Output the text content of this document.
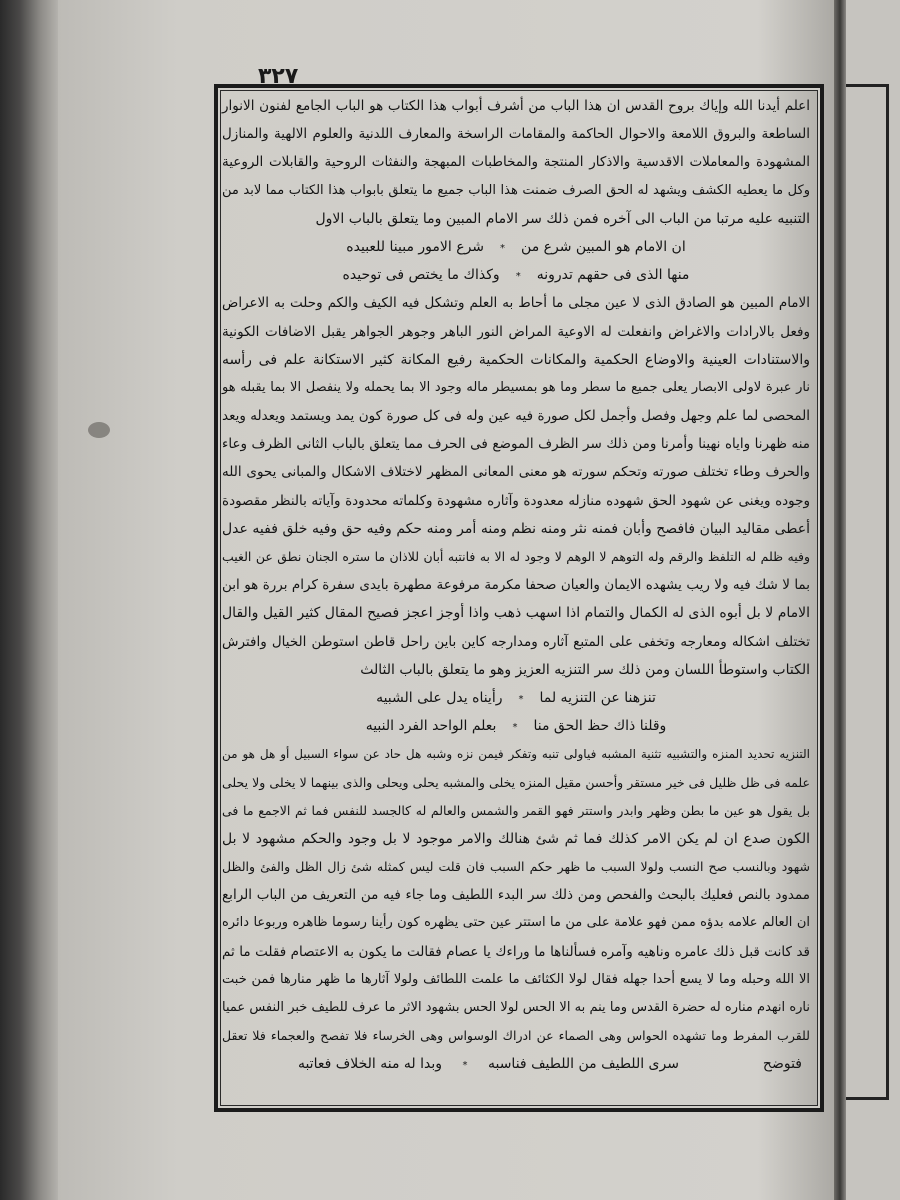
٣٢٧
اعلم أيدنا الله وإياك بروح القدس ان هذا الباب من أشرف أبواب هذا الكتاب هو الباب الجامع لفنون الانوار
الساطعة والبروق اللامعة والاحوال الحاكمة والمقامات الراسخة والمعارف اللدنية والعلوم الالهية والمنازل
المشهودة والمعاملات الاقدسية والاذكار المنتجة والمخاطبات المبهجة والنفثات الروحية والقابلات الروعية
وكل ما يعطيه الكشف ويشهد له الحق الصرف ضمنت هذا الباب جميع ما يتعلق بابواب هذا الكتاب مما لابد من
التنبيه عليه مرتبا من الباب الى آخره فمن ذلك سر الامام المبين وما يتعلق بالباب الاول
ان الامام هو المبين شرع من*شرع الامور مبينا للعبيده
منها الذى فى حقهم تدرونه*وكذاك ما يختص فى توحيده
الامام المبين هو الصادق الذى لا عين مجلى ما أحاط به العلم وتشكل فيه الكيف والكم وحلت به الاعراض
وفعل بالارادات والاغراض وانفعلت له الاوعية المراض النور الباهر وجوهر الجواهر يقبل الاضافات الكونية
والاستنادات العينية والاوضاع الحكمية والمكانات الحكمية رفيع المكانة كثير الاستكانة علم فى رأسه
نار عبرة لاولى الابصار يعلى جميع ما سطر وما هو بمسيطر ماله وجود الا بما يحمله ولا ينفصل الا بما يقبله هو
المحصى لما علم وجهل وفصل وأجمل لكل صورة فيه عين وله فى كل صورة كون يمد ويستمد ويعدله ويعد
منه ظهرنا واياه نهينا وأمرنا ومن ذلك سر الظرف الموضع فى الحرف مما يتعلق بالباب الثانى الظرف وعاء
والحرف وطاء تختلف صورته وتحكم سورته هو معنى المعانى المظهر لاختلاف الاشكال والمبانى يحوى الله
وجوده ويغنى عن شهود الحق شهوده منازله معدودة وآثاره مشهودة وكلماته محدودة وآياته بالنظر مقصودة
أعطى مقاليد البيان فافصح وأبان فمنه نثر ومنه نظم ومنه أمر ومنه حكم وفيه حق وفيه خلق ففيه عدل
وفيه ظلم له التلفظ والرقم وله التوهم لا الوهم لا وجود له الا به فانتبه أبان للاذان ما ستره الجنان نطق عن الغيب
بما لا شك فيه ولا ريب يشهده الايمان والعيان صحفا مكرمة مرفوعة مطهرة بايدى سفرة كرام بررة هو ابن
الامام لا بل أبوه الذى له الكمال والتمام اذا اسهب ذهب واذا أوجز اعجز فصيح المقال كثير القيل والقال
تختلف اشكاله ومعارجه وتخفى على المتبع آثاره ومدارجه كاين باين راحل قاطن استوطن الخيال وافترش
الكتاب واستوطأ اللسان ومن ذلك سر التنزيه العزيز وهو ما يتعلق بالباب الثالث
تنزهنا عن التنزيه لما*رأيناه يدل على الشبيه
وقلنا ذاك حظ الحق منا*بعلم الواحد الفرد النبيه
التنزيه تحديد المنزه والتشبيه تثنية المشبه فياولى تنبه وتفكر فيمن نزه وشبه هل حاد عن سواء السبيل أو هل هو من
علمه فى ظل ظليل فى خير مستقر وأحسن مقيل المنزه يخلى والمشبه يحلى ويحلى والذى بينهما لا يخلى ولا يحلى
بل يقول هو عين ما بطن وظهر وابدر واستتر فهو القمر والشمس والعالم له كالجسد للنفس فما ثم الاجمع ما فى
الكون صدع ان لم يكن الامر كذلك فما ثم شئ هنالك والامر موجود لا بل وجود والحكم مشهود لا بل
شهود وبالنسب صح النسب ولولا السبب ما ظهر حكم السبب فان قلت ليس كمثله شئ زال الظل والفئ والظل
ممدود بالنص فعليك بالبحث والفحص ومن ذلك سر البدء اللطيف وما جاء فيه من التعريف من الباب الرابع
ان العالم علامه بدؤه ممن فهو علامة على من ما استتر عين حتى يظهره كون رأينا رسوما ظاهره وربوعا دائره
قد كانت قبل ذلك عامره وناهيه وآمره فسألناها ما وراءك يا عصام فقالت ما يكون به الاعتصام فقلت ما ثم
الا الله وحبله وما لا يسع أحدا جهله فقال لولا الكثائف ما علمت اللطائف ولولا آثارها ما ظهر منارها فمن خبت
ناره انهدم مناره له حضرة القدس وما ينم به الا الحس لولا الحس بشهود الاثر ما عرف للطيف خبر النفس عميا
للقرب المفرط وما تشهده الحواس وهى الصماء عن ادراك الوسواس وهى الخرساء فلا تفصح والعجماء فلا تعقل
فتوضح
سرى اللطيف من اللطيف فناسبه * وبدا له منه الخلاف فعاتبه
